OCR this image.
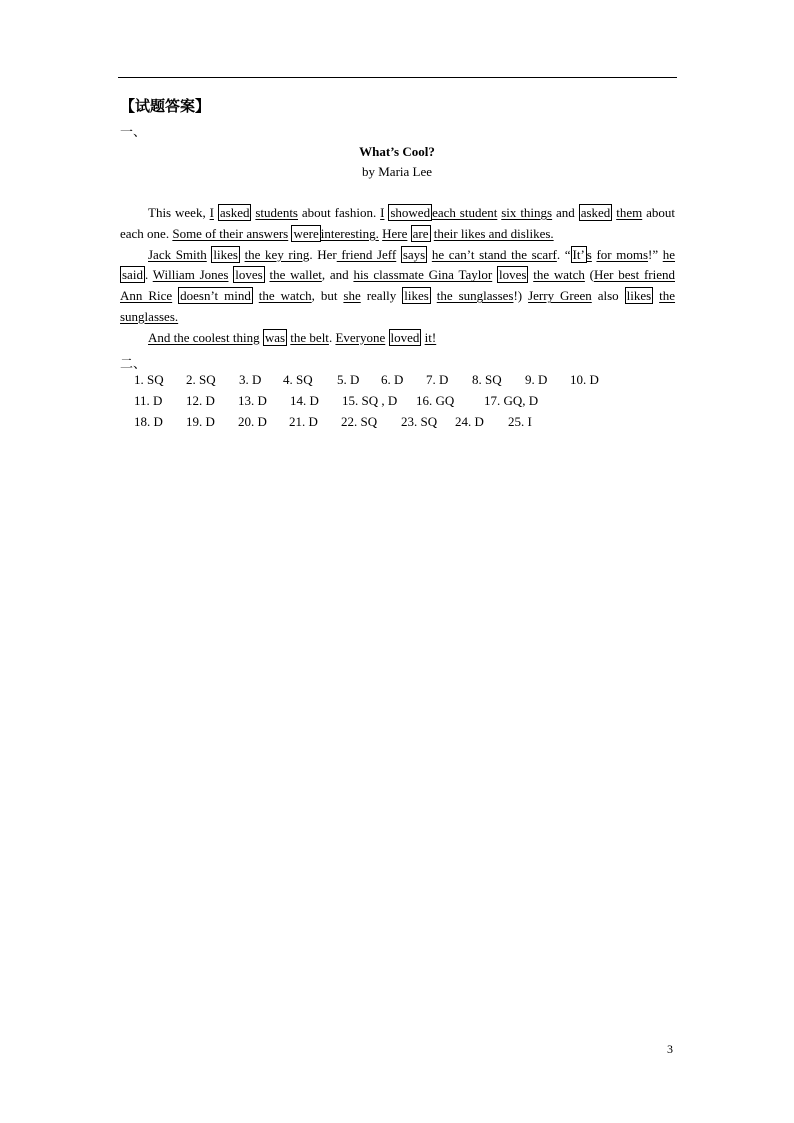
【试题答案】
一、
What’s Cool?
by Maria Lee

This week, I asked students about fashion. I showed each student six things and asked them about each one. Some of their answers were interesting. Here are their likes and dislikes.

Jack Smith likes the key ring. Her friend Jeff says he can’t stand the scarf. “ It’ s for moms!” he said . William Jones loves the wallet, and his classmate Gina Taylor loves the watch (Her best friend Ann Rice doesn’t mind the watch, but she really likes the sunglasses!) Jerry Green also likes the sunglasses.

And the coolest thing was the belt. Everyone loved it!

二、
1. SQ 2. SQ 3. D 4. SQ 5. D 6. D 7. D 8. SQ 9. D 10. D
11. D 12. D 13. D 14. D 15. SQ , D 16. GQ 17. GQ, D
18. D 19. D 20. D 21. D 22. SQ 23. SQ 24. D 25. I
3
